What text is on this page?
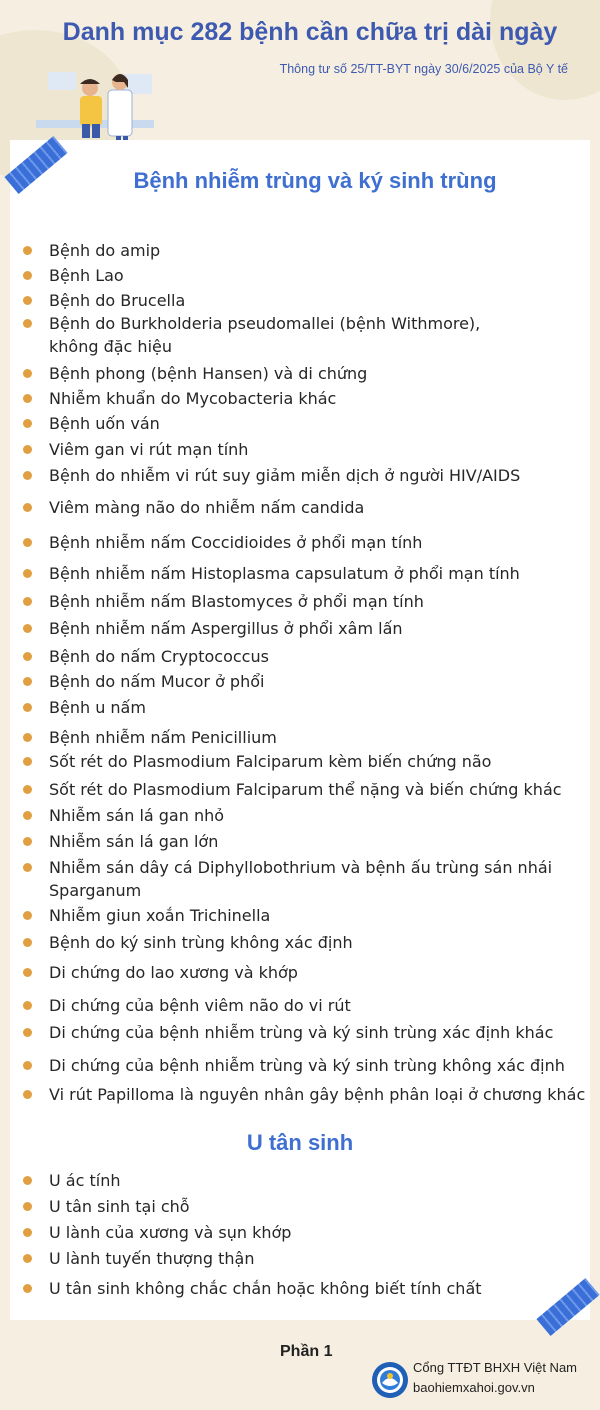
Danh mục 282 bệnh cần chữa trị dài ngày
Thông tư số 25/TT-BYT ngày 30/6/2025 của Bộ Y tế
Bệnh nhiễm trùng và ký sinh trùng
Bệnh do amip
Bệnh Lao
Bệnh do Brucella
Bệnh do Burkholderia pseudomallei (bệnh Withmore), không đặc hiệu
Bệnh phong (bệnh Hansen) và di chứng
Nhiễm khuẩn do Mycobacteria khác
Bệnh uốn ván
Viêm gan vi rút mạn tính
Bệnh do nhiễm vi rút suy giảm miễn dịch ở người HIV/AIDS
Viêm màng não do nhiễm nấm candida
Bệnh nhiễm nấm Coccidioides ở phổi mạn tính
Bệnh nhiễm nấm Histoplasma capsulatum ở phổi mạn tính
Bệnh nhiễm nấm Blastomyces ở phổi mạn tính
Bệnh nhiễm nấm Aspergillus ở phổi xâm lấn
Bệnh do nấm Cryptococcus
Bệnh do nấm Mucor ở phổi
Bệnh u nấm
Bệnh nhiễm nấm Penicillium
Sốt rét do Plasmodium Falciparum kèm biến chứng não
Sốt rét do Plasmodium Falciparum thể nặng và biến chứng khác
Nhiễm sán lá gan nhỏ
Nhiễm sán lá gan lớn
Nhiễm sán dây cá Diphyllobothrium và bệnh ấu trùng sán nhái Sparganum
Nhiễm giun xoắn Trichinella
Bệnh do ký sinh trùng không xác định
Di chứng do lao xương và khớp
Di chứng của bệnh viêm não do vi rút
Di chứng của bệnh nhiễm trùng và ký sinh trùng xác định khác
Di chứng của bệnh nhiễm trùng và ký sinh trùng không xác định
Vi rút Papilloma là nguyên nhân gây bệnh phân loại ở chương khác
U tân sinh
U ác tính
U tân sinh tại chỗ
U lành của xương và sụn khớp
U lành tuyến thượng thận
U tân sinh không chắc chắn hoặc không biết tính chất
Phần 1
Cổng TTĐT BHXH Việt Nam
baohiemxahoi.gov.vn
